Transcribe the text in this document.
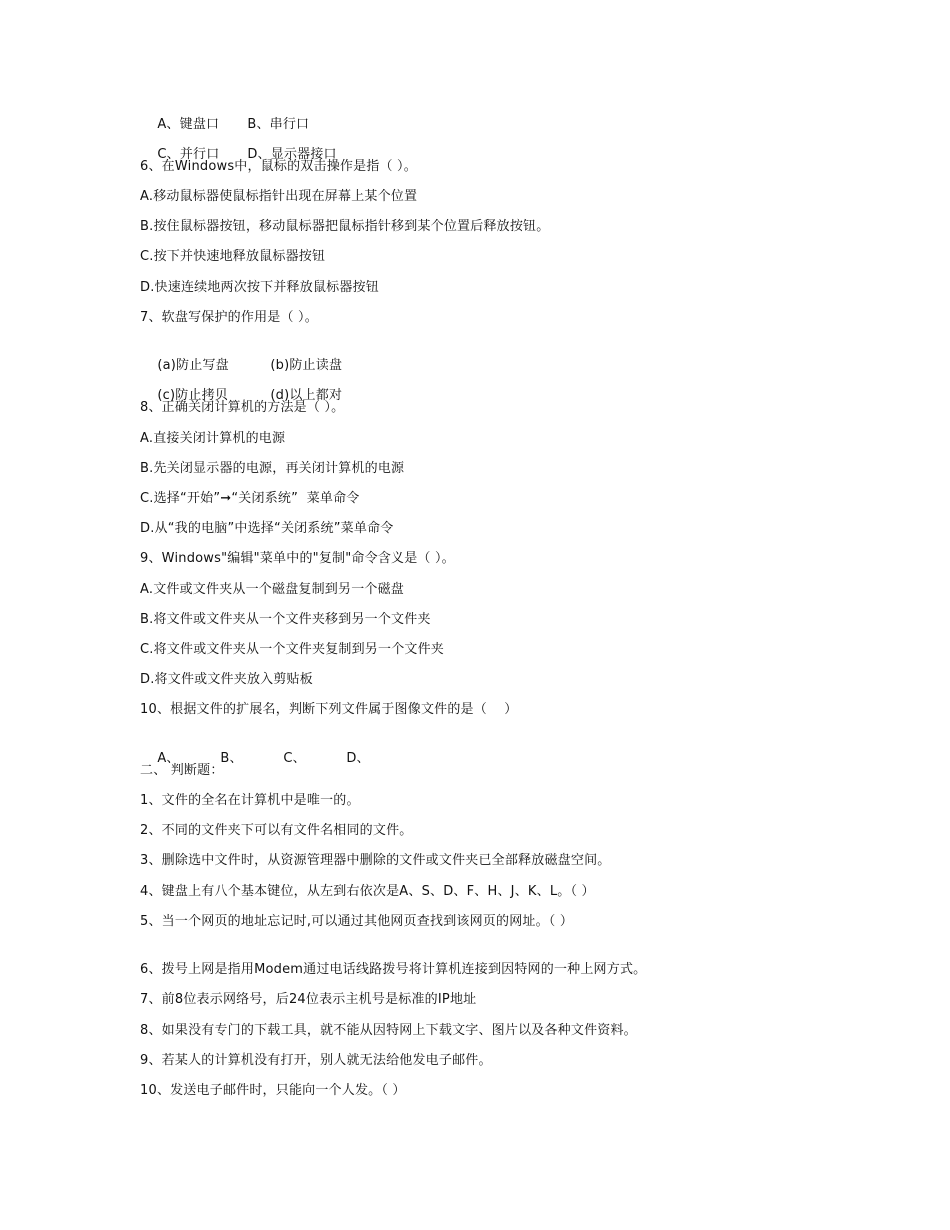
A、键盘口 B、串行口

C、并行口 D、显示器接口

6、在Windows中，鼠标的双击操作是指（ ）。
A.移动鼠标器使鼠标指针出现在屏幕上某个位置
B.按住鼠标器按钮，移动鼠标器把鼠标指针移到某个位置后释放按钮。
C.按下并快速地释放鼠标器按钮
D.快速连续地两次按下并释放鼠标器按钮
7、软盘写保护的作用是（ ）。

(a)防止写盘	(b)防止读盘

(c)防止拷贝	(d)以上都对

8、正确关闭计算机的方法是（ ）。
A.直接关闭计算机的电源
B.先关闭显示器的电源，再关闭计算机的电源
C.选择“开始”➞“关闭系统”  菜单命令
D.从“我的电脑”中选择“关闭系统”菜单命令
9、Windows"编辑"菜单中的"复制"命令含义是（ ）。
A.文件或文件夹从一个磁盘复制到另一个磁盘
B.将文件或文件夹从一个文件夹移到另一个文件夹
C.将文件或文件夹从一个文件夹复制到另一个文件夹
D.将文件或文件夹放入剪贴板
10、根据文件的扩展名，判断下列文件属于图像文件的是（    ）

A、	B、	C、	D、

二、 判断题：
1、文件的全名在计算机中是唯一的。
2、不同的文件夹下可以有文件名相同的文件。
3、删除选中文件时，从资源管理器中删除的文件或文件夹已全部释放磁盘空间。
4、键盘上有八个基本键位，从左到右依次是A、S、D、F、H、J、K、L。（ ）
5、当一个网页的地址忘记时,可以通过其他网页查找到该网页的网址。（ ）
6、拨号上网是指用Modem通过电话线路拨号将计算机连接到因特网的一种上网方式。
7、前8位表示网络号，后24位表示主机号是标准的IP地址
8、如果没有专门的下载工具，就不能从因特网上下载文字、图片以及各种文件资料。
9、若某人的计算机没有打开，别人就无法给他发电子邮件。
10、发送电子邮件时，只能向一个人发。（ ）
